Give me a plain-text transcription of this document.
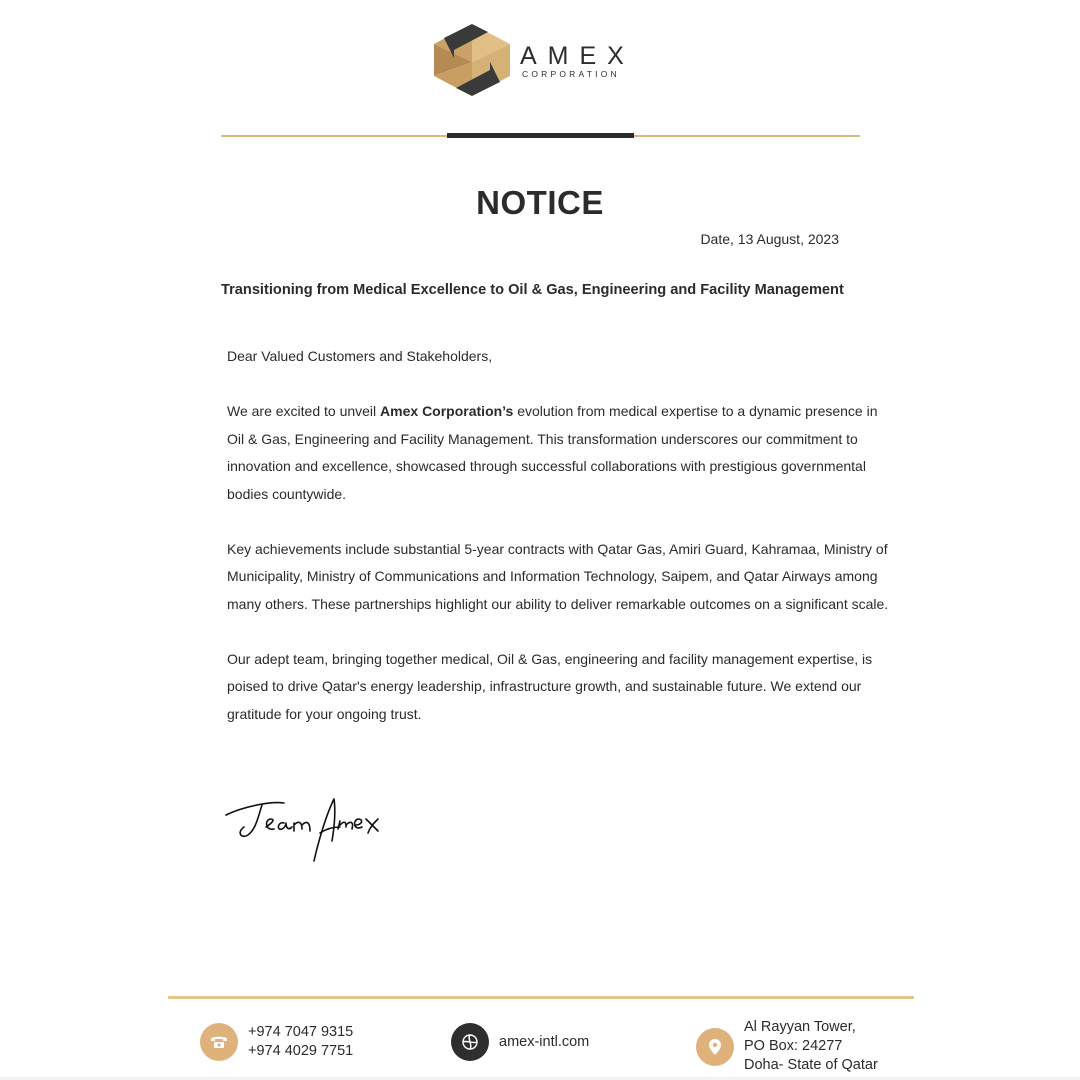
AMEX
CORPORATION
NOTICE
Date, 13 August, 2023
Transitioning from Medical Excellence to Oil & Gas, Engineering and Facility Management

Dear Valued Customers and Stakeholders,

We are excited to unveil Amex Corporation’s evolution from medical expertise to a dynamic presence in Oil & Gas, Engineering and Facility Management. This transformation underscores our commitment to innovation and excellence, showcased through successful collaborations with prestigious governmental bodies countywide.

Key achievements include substantial 5-year contracts with Qatar Gas, Amiri Guard, Kahramaa, Ministry of Municipality, Ministry of Communications and Information Technology, Saipem, and Qatar Airways among many others. These partnerships highlight our ability to deliver remarkable outcomes on a significant scale.

Our adept team, bringing together medical, Oil & Gas, engineering and facility management expertise, is poised to drive Qatar's energy leadership, infrastructure growth, and sustainable future. We extend our gratitude for your ongoing trust.

+974 7047 9315
+974 4029 7751
amex-intl.com
Al Rayyan Tower,
PO Box: 24277
Doha- State of Qatar
